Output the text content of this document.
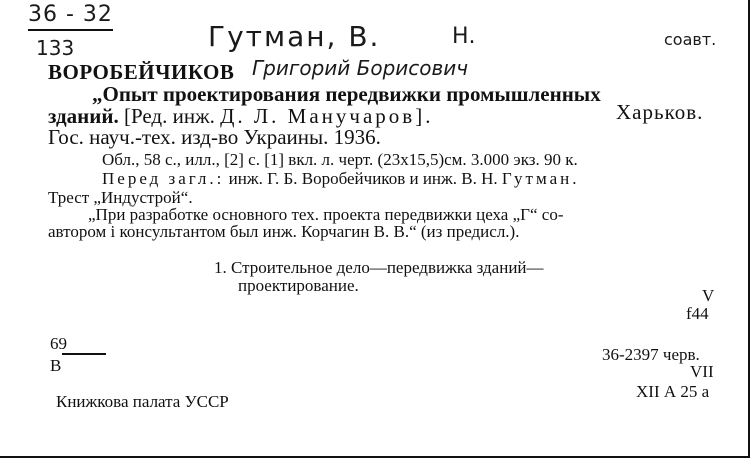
36 - 32
133	Гутман, В.	Н.	соавт.
ВОРОБЕЙЧИКОВ Григорий Борисович
„Опыт проектирования передвижки промышленных
зданий. [Ред. инж. Д. Л. Манучаров].	Харьков.
Гос. науч.-тех. изд-во Украины. 1936.
Обл., 58 с., илл., [2] с. [1] вкл. л. черт. (23x15,5)см. 3.000 экз. 90 к.
Перед загл.: инж. Г. Б. Воробейчиков и инж. В. Н. Гутман.
Трест „Индустрой“.
„При разработке основного тех. проекта передвижки цеха „Г“ со-
автором і консультантом был инж. Корчагин В. В.“ (из предисл.).
1. Строительное дело—передвижка зданий—
проектирование.
V
f44
69
В
36-2397 черв.
VII
XII А 25 а
Книжкова палата УССР
